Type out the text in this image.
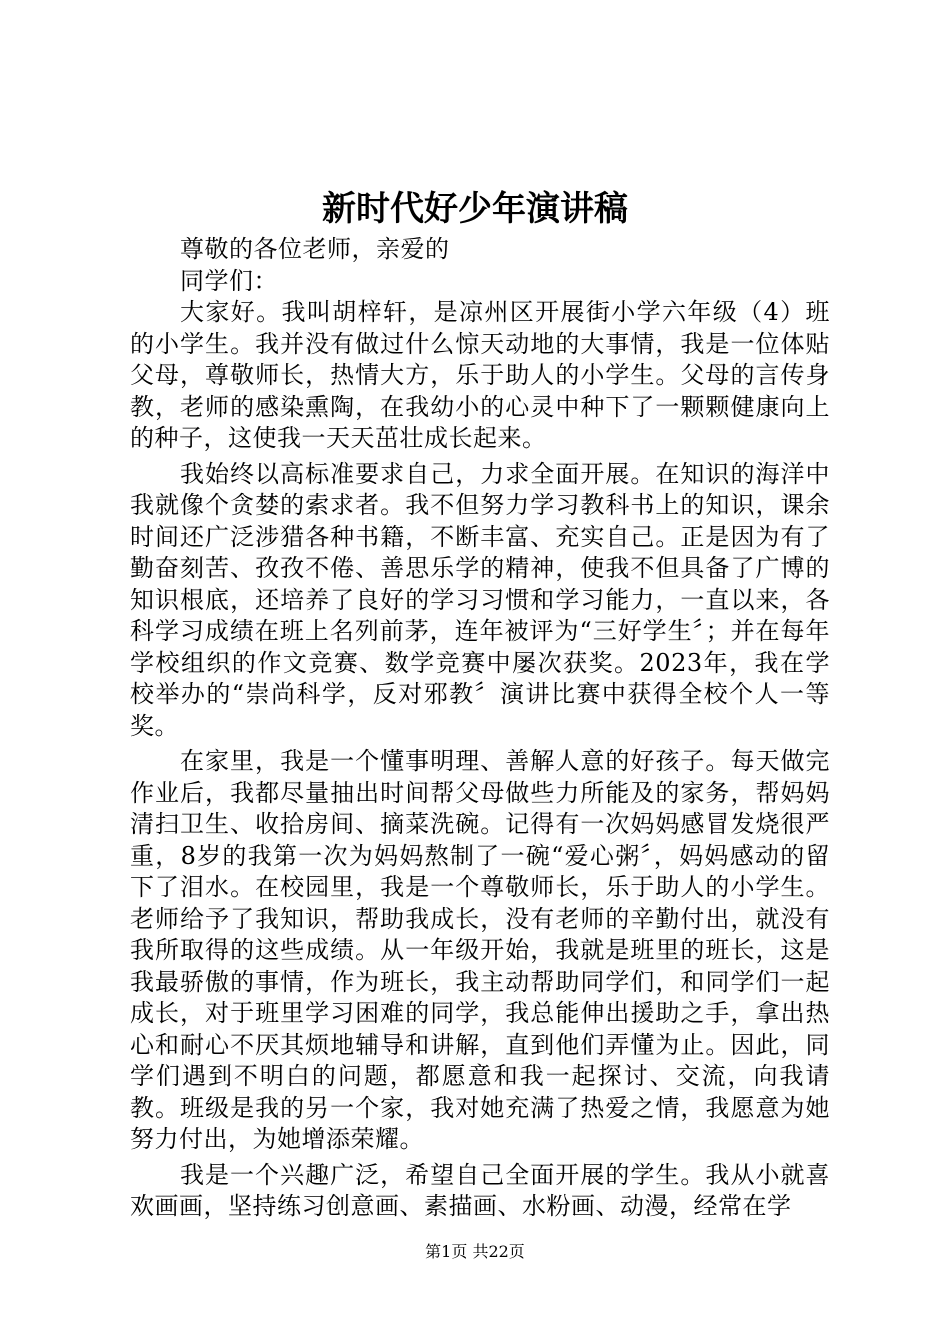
新时代好少年演讲稿
尊敬的各位老师，亲爱的
同学们：

大家好。我叫胡梓轩，是凉州区开展街小学六年级（4）班的小学生。我并没有做过什么惊天动地的大事情，我是一位体贴父母，尊敬师长，热情大方，乐于助人的小学生。父母的言传身教，老师的感染熏陶，在我幼小的心灵中种下了一颗颗健康向上的种子，这使我一天天茁壮成长起来。

我始终以高标准要求自己，力求全面开展。在知识的海洋中我就像个贪婪的索求者。我不但努力学习教科书上的知识，课余时间还广泛涉猎各种书籍，不断丰富、充实自己。正是因为有了勤奋刻苦、孜孜不倦、善思乐学的精神，使我不但具备了广博的知识根底，还培养了良好的学习习惯和学习能力，一直以来，各科学习成绩在班上名列前茅，连年被评为“三好学生〞；并在每年学校组织的作文竞赛、数学竞赛中屡次获奖。2023年，我在学校举办的“崇尚科学，反对邪教〞演讲比赛中获得全校个人一等奖。

在家里，我是一个懂事明理、善解人意的好孩子。每天做完作业后，我都尽量抽出时间帮父母做些力所能及的家务，帮妈妈清扫卫生、收拾房间、摘菜洗碗。记得有一次妈妈感冒发烧很严重，8岁的我第一次为妈妈熬制了一碗“爱心粥〞，妈妈感动的留下了泪水。在校园里，我是一个尊敬师长，乐于助人的小学生。老师给予了我知识，帮助我成长，没有老师的辛勤付出，就没有我所取得的这些成绩。从一年级开始，我就是班里的班长，这是我最骄傲的事情，作为班长，我主动帮助同学们，和同学们一起成长，对于班里学习困难的同学，我总能伸出援助之手，拿出热心和耐心不厌其烦地辅导和讲解，直到他们弄懂为止。因此，同学们遇到不明白的问题，都愿意和我一起探讨、交流，向我请教。班级是我的另一个家，我对她充满了热爱之情，我愿意为她努力付出，为她增添荣耀。

我是一个兴趣广泛，希望自己全面开展的学生。我从小就喜欢画画，坚持练习创意画、素描画、水粉画、动漫，经常在学

第1页 共22页
